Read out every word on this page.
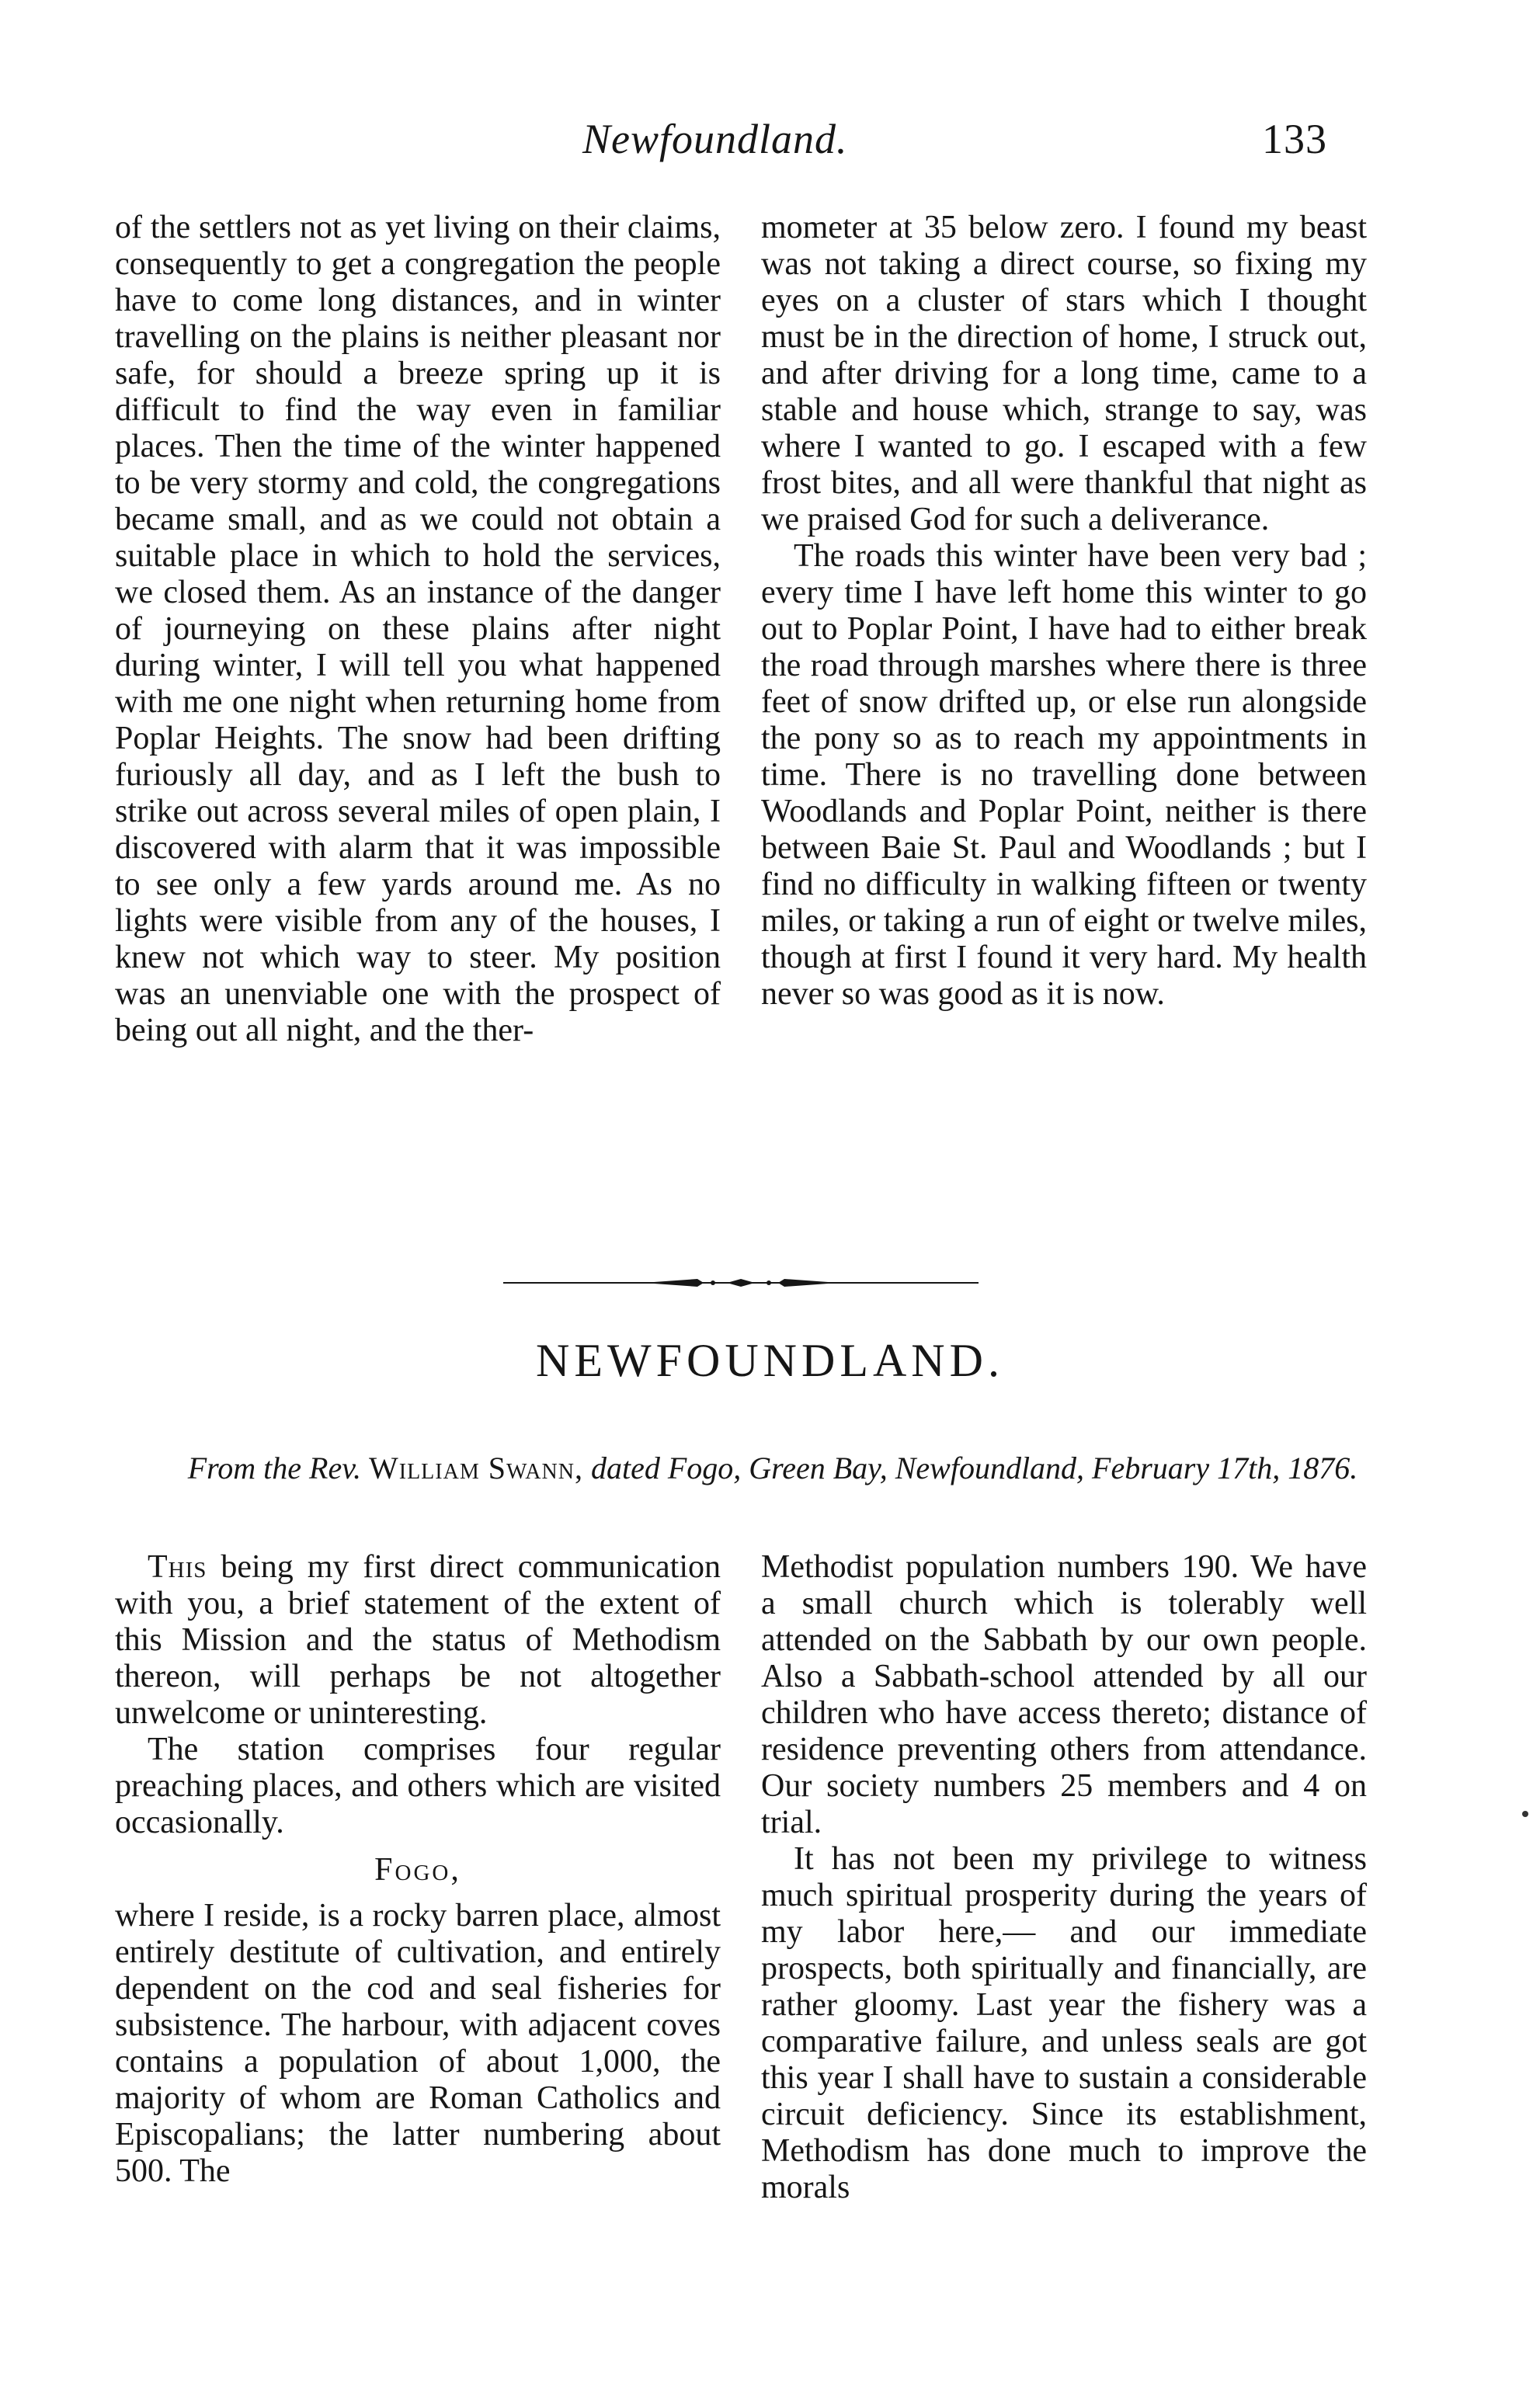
Newfoundland.	133

of the settlers not as yet living on their claims, consequently to get a congregation the people have to come long distances, and in winter travelling on the plains is neither pleasant nor safe, for should a breeze spring up it is difficult to find the way even in familiar places. Then the time of the winter happened to be very stormy and cold, the congregations became small, and as we could not obtain a suitable place in which to hold the services, we closed them. As an instance of the danger of journeying on these plains after night during winter, I will tell you what happened with me one night when returning home from Poplar Heights. The snow had been drifting furiously all day, and as I left the bush to strike out across several miles of open plain, I discovered with alarm that it was impossible to see only a few yards around me. As no lights were visible from any of the houses, I knew not which way to steer. My position was an unenviable one with the prospect of being out all night, and the ther-

mometer at 35 below zero. I found my beast was not taking a direct course, so fixing my eyes on a cluster of stars which I thought must be in the direction of home, I struck out, and after driving for a long time, came to a stable and house which, strange to say, was where I wanted to go. I escaped with a few frost bites, and all were thankful that night as we praised God for such a deliverance.

The roads this winter have been very bad ; every time I have left home this winter to go out to Poplar Point, I have had to either break the road through marshes where there is three feet of snow drifted up, or else run alongside the pony so as to reach my appointments in time. There is no travelling done between Woodlands and Poplar Point, neither is there between Baie St. Paul and Woodlands ; but I find no difficulty in walking fifteen or twenty miles, or taking a run of eight or twelve miles, though at first I found it very hard. My health never so was good as it is now.

NEWFOUNDLAND.
From the Rev. William Swann, dated Fogo, Green Bay, Newfoundland, February 17th, 1876.

This being my first direct communication with you, a brief statement of the extent of this Mission and the status of Methodism thereon, will perhaps be not altogether unwelcome or uninteresting.

The station comprises four regular preaching places, and others which are visited occasionally.

Fogo,

where I reside, is a rocky barren place, almost entirely destitute of cultivation, and entirely dependent on the cod and seal fisheries for subsistence. The harbour, with adjacent coves contains a population of about 1,000, the majority of whom are Roman Catholics and Episcopalians; the latter numbering about 500. The

Methodist population numbers 190. We have a small church which is tolerably well attended on the Sabbath by our own people. Also a Sabbath-school attended by all our children who have access thereto; distance of residence preventing others from attendance. Our society numbers 25 members and 4 on trial.

It has not been my privilege to witness much spiritual prosperity during the years of my labor here,— and our immediate prospects, both spiritually and financially, are rather gloomy. Last year the fishery was a comparative failure, and unless seals are got this year I shall have to sustain a considerable circuit deficiency. Since its establishment, Methodism has done much to improve the morals
